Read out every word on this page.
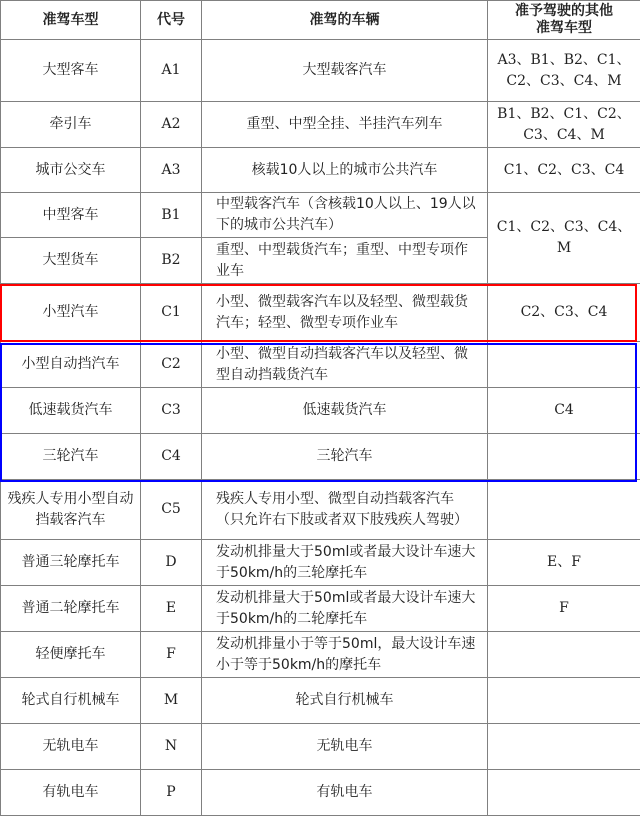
准驾车型	代号	准驾的车辆	准予驾驶的其他准驾车型
大型客车	A1	大型载客汽车	A3、B1、B2、C1、C2、C3、C4、M
牵引车	A2	重型、中型全挂、半挂汽车列车	B1、B2、C1、C2、C3、C4、M
城市公交车	A3	核载10人以上的城市公共汽车	C1、C2、C3、C4
中型客车	B1	中型载客汽车（含核载10人以上、19人以下的城市公共汽车）	C1、C2、C3、C4、M
大型货车	B2	重型、中型载货汽车；重型、中型专项作业车	
小型汽车	C1	小型、微型载客汽车以及轻型、微型载货汽车；轻型、微型专项作业车	C2、C3、C4
小型自动挡汽车	C2	小型、微型自动挡载客汽车以及轻型、微型自动挡载货汽车	
低速载货汽车	C3	低速载货汽车	C4
三轮汽车	C4	三轮汽车	
残疾人专用小型自动挡载客汽车	C5	残疾人专用小型、微型自动挡载客汽车（只允许右下肢或者双下肢残疾人驾驶）	
普通三轮摩托车	D	发动机排量大于50ml或者最大设计车速大于50km/h的三轮摩托车	E、F
普通二轮摩托车	E	发动机排量大于50ml或者最大设计车速大于50km/h的二轮摩托车	F
轻便摩托车	F	发动机排量小于等于50ml，最大设计车速小于等于50km/h的摩托车	
轮式自行机械车	M	轮式自行机械车	
无轨电车	N	无轨电车	
有轨电车	P	有轨电车	
